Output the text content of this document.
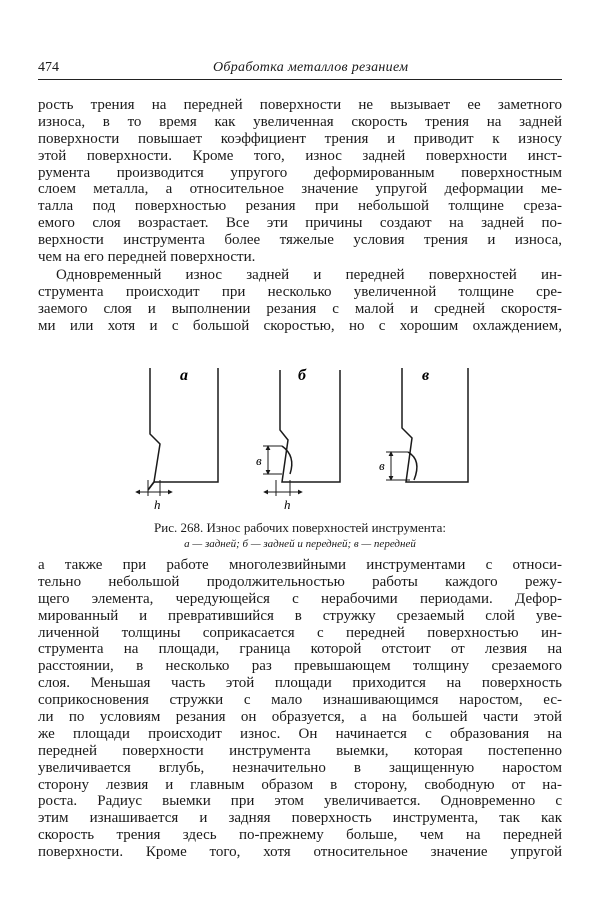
474	Обработка металлов резанием
рость трения на передней поверхности не вызывает ее заметного
износа, в то время как увеличенная скорость трения на задней
поверхности повышает коэффициент трения и приводит к износу
этой поверхности. Кроме того, износ задней поверхности инст-
румента производится упругого деформированным поверхностным
слоем металла, а относительное значение упругой деформации ме-
талла под поверхностью резания при небольшой толщине среза-
емого слоя возрастает. Все эти причины создают на задней по-
верхности инструмента более тяжелые условия трения и износа,
чем на его передней поверхности.
Одновременный износ задней и передней поверхностей ин-
струмента происходит при несколько увеличенной толщине сре-
заемого слоя и выполнении резания с малой и средней скоростя-
ми или хотя и с большой скоростью, но с хорошим охлаждением,
а
h
б
в
h
в
в

Рис. 268. Износ рабочих поверхностей инструмента:

а — задней; б — задней и передней; в — передней

а также при работе многолезвийными инструментами с относи-
тельно небольшой продолжительностью работы каждого режу-
щего элемента, чередующейся с нерабочими периодами. Дефор-
мированный и превратившийся в стружку срезаемый слой уве-
личенной толщины соприкасается с передней поверхностью ин-
струмента на площади, граница которой отстоит от лезвия на
расстоянии, в несколько раз превышающем толщину срезаемого
слоя. Меньшая часть этой площади приходится на поверхность
соприкосновения стружки с мало изнашивающимся наростом, ес-
ли по условиям резания он образуется, а на большей части этой
же площади происходит износ. Он начинается с образования на
передней поверхности инструмента выемки, которая постепенно
увеличивается вглубь, незначительно в защищенную наростом
сторону лезвия и главным образом в сторону, свободную от на-
роста. Радиус выемки при этом увеличивается. Одновременно с
этим изнашивается и задняя поверхность инструмента, так как
скорость трения здесь по-прежнему больше, чем на передней
поверхности. Кроме того, хотя относительное значение упругой
